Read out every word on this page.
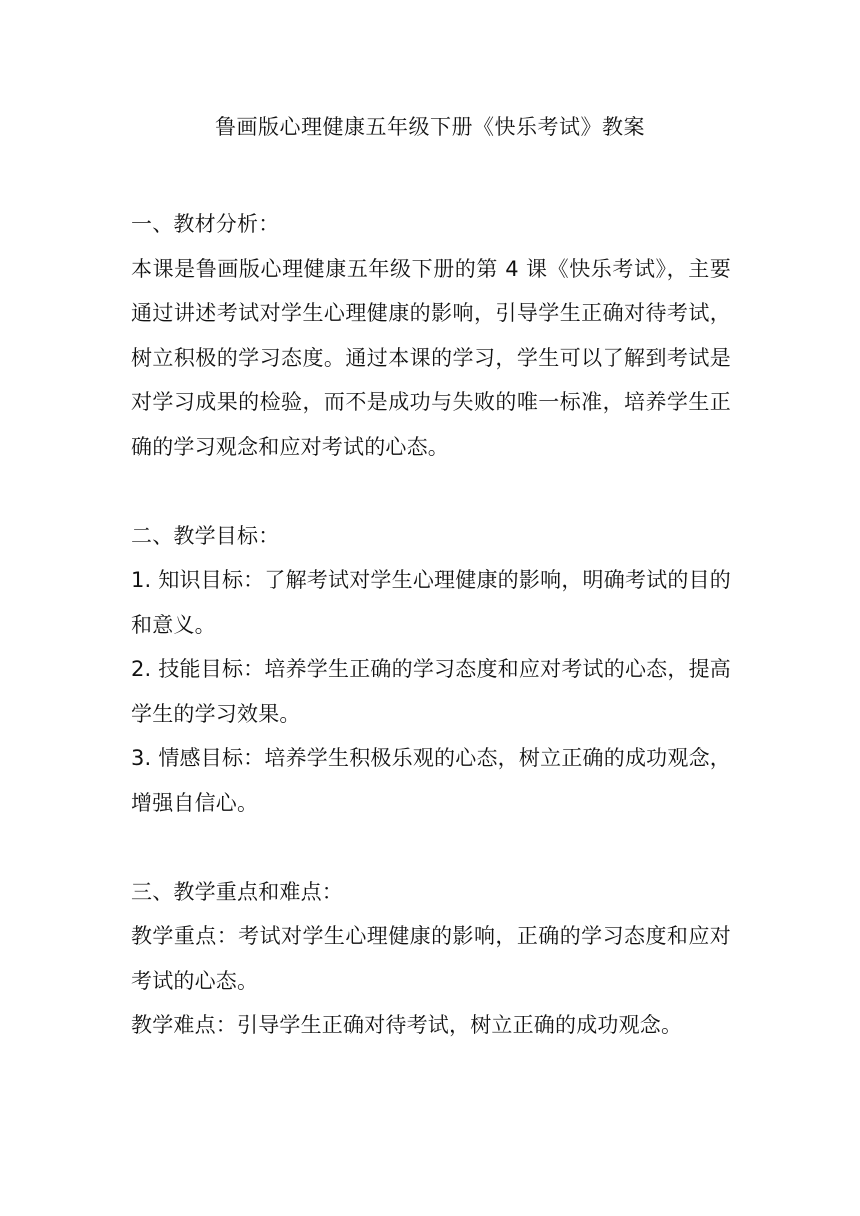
鲁画版心理健康五年级下册《快乐考试》教案

一、教材分析：

本课是鲁画版心理健康五年级下册的第 4 课《快乐考试》，主要通过讲述考试对学生心理健康的影响，引导学生正确对待考试，树立积极的学习态度。通过本课的学习，学生可以了解到考试是对学习成果的检验，而不是成功与失败的唯一标准，培养学生正确的学习观念和应对考试的心态。

二、教学目标：

1. 知识目标：了解考试对学生心理健康的影响，明确考试的目的和意义。

2. 技能目标：培养学生正确的学习态度和应对考试的心态，提高学生的学习效果。

3. 情感目标：培养学生积极乐观的心态，树立正确的成功观念，增强自信心。

三、教学重点和难点：

教学重点：考试对学生心理健康的影响，正确的学习态度和应对考试的心态。

教学难点：引导学生正确对待考试，树立正确的成功观念。
